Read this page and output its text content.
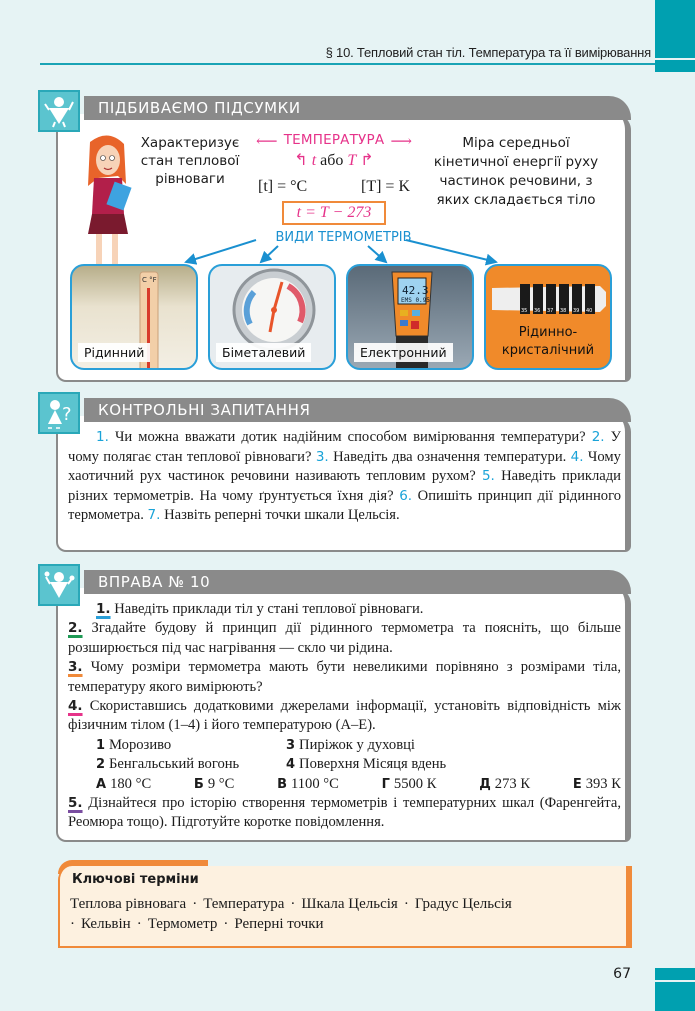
§ 10. Тепловий стан тіл. Температура та її вимірювання
ПІДБИВАЄМО ПІДСУМКИ
Характеризує стан теплової рівноваги
⟵ ТЕМПЕРАТУРА ⟶
↰ t або T ↱
[t] = °C	[T] = K
t = T − 273
Міра середньої кінетичної енергії руху частинок речовини, з яких складається тіло
ВИДИ ТЕРМОМЕТРІВ
C °F
Рідинний	Біметалевий
42.3
EMS 0.95
Електронний
35 36 37 38 39 40
Рідинно-кристалічний
КОНТРОЛЬНІ ЗАПИТАННЯ
?
1. Чи можна вважати дотик надійним способом вимірювання температури? 2. У чому полягає стан теплової рівноваги? 3. Наведіть два означення температури. 4. Чому хаотичний рух частинок речовини називають тепловим рухом? 5. Наведіть приклади різних термометрів. На чому ґрунтується їхня дія? 6. Опишіть принцип дії рідинного термометра. 7. Назвіть реперні точки шкали Цельсія.
ВПРАВА № 10

1. Наведіть приклади тіл у стані теплової рівноваги.

2. Згадайте будову й принцип дії рідинного термометра та поясніть, що більше розширюється під час нагрівання — скло чи рідина.

3. Чому розміри термометра мають бути невеликими порівняно з розмірами тіла, температуру якого вимірюють?

4. Скориставшись додатковими джерелами інформації, установіть відповідність між фізичним тілом (1–4) і його температурою (А–Е).

1 Морозиво	3 Пиріжок у духовці
2 Бенгальський вогонь	4 Поверхня Місяця вдень
А 180 °C	Б 9 °C	В 1100 °C	Г 5500 К	Д 273 К	Е 393 К

5. Дізнайтеся про історію створення термометрів і температурних шкал (Фаренгейта, Реомюра тощо). Підготуйте коротке повідомлення.

Ключові терміни
Теплова рівновага · Температура · Шкала Цельсія · Градус Цельсія
· Кельвін · Термометр · Реперні точки
67
